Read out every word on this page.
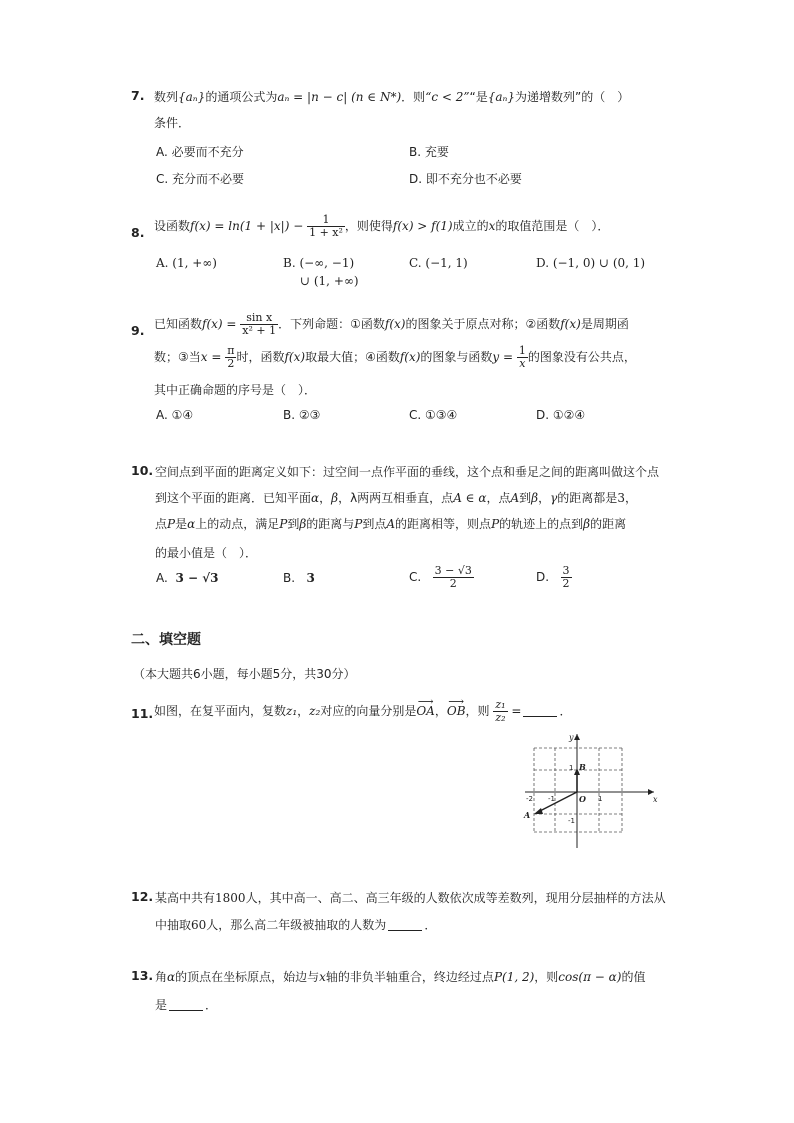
7. 数列{aₙ}的通项公式为aₙ = |n − c| (n ∈ N*)．则“c < 2”“是{aₙ}为递增数列”的（　）
条件．
A. 必要而不充分	B. 充要
C. 充分而不必要	D. 即不充分也不必要
8. 设函数$f(x) = \ln(1 + |x|) - \frac{1}{\text{1 + x²}}$ ，则使得f(x) > f(1)成立的x的取值范围是（　）．
A. (1, +∞)	B. (−∞, −1)
∪ (1, +∞)
C. (−1, 1)	D. (−1, 0) ∪ (0, 1)
9. 已知函数$f(x) = \frac{\text{sin x}}{\text{x² + 1}}$ ．下列命题：①函数f(x)的图象关于原点对称；②函数f(x)是周期函
数；③当$x = \frac{\pi}{2}$ 时，函数f(x)取最大值；④函数f(x)的图象与函数$y = \frac{1}{x}$ 的图象没有公共点，
其中正确命题的序号是（　）．
A. ①④	B. ②③	C. ①③④	D. ①②④
10. 空间点到平面的距离定义如下：过空间一点作平面的垂线，这个点和垂足之间的距离叫做这个点
到这个平面的距离．已知平面α，β，λ两两互相垂直，点A ∈ α，点A到β，γ的距离都是3，
点P是α上的动点，满足P到β的距离与P到点A的距离相等，则点P的轨迹上的点到β的距离
的最小值是（　）．
A. 3 − √3	B. 3	C. $\frac{3 - √3}{2}$	D. $\frac{3}{2}$
二、填空题
（本大题共6小题，每小题5分，共30分）
11. 如图，在复平面内，复数z₁，z₂对应的向量分别是⟶ OA，⟶ OB，则 $\frac{\text{z₁}}{\text{z₂}}$ =	．
y
x
B
O
A
1
1
-1
-2 -1
12. 某高中共有1800人，其中高一、高二、高三年级的人数依次成等差数列，现用分层抽样的方法从
中抽取60人，那么高二年级被抽取的人数为	．
13. 角α的顶点在坐标原点，始边与x轴的非负半轴重合，终边经过点P(1, 2)，则cos(π − α)的值
是	．
